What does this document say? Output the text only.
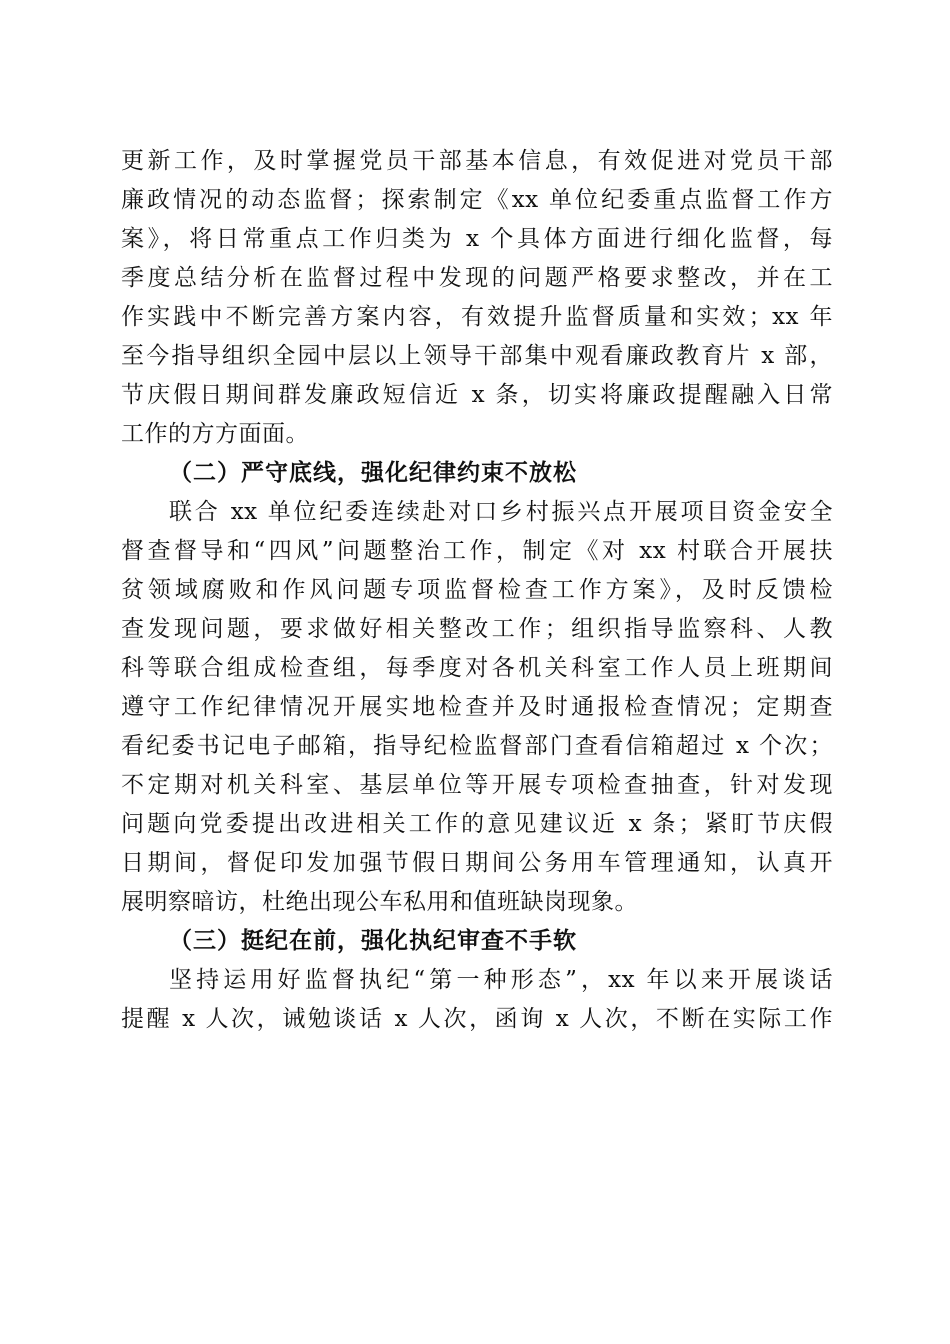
更新工作，及时掌握党员干部基本信息，有效促进对党员干部
廉政情况的动态监督；探索制定《xx 单位纪委重点监督工作方
案》，将日常重点工作归类为 x 个具体方面进行细化监督，每
季度总结分析在监督过程中发现的问题严格要求整改，并在工
作实践中不断完善方案内容，有效提升监督质量和实效；xx 年
至今指导组织全园中层以上领导干部集中观看廉政教育片 x 部，
节庆假日期间群发廉政短信近 x 条，切实将廉政提醒融入日常
工作的方方面面。
（二）严守底线，强化纪律约束不放松
联合 xx 单位纪委连续赴对口乡村振兴点开展项目资金安全
督查督导和“四风”问题整治工作，制定《对 xx 村联合开展扶
贫领域腐败和作风问题专项监督检查工作方案》，及时反馈检
查发现问题，要求做好相关整改工作；组织指导监察科、人教
科等联合组成检查组，每季度对各机关科室工作人员上班期间
遵守工作纪律情况开展实地检查并及时通报检查情况；定期查
看纪委书记电子邮箱，指导纪检监督部门查看信箱超过 x 个次；
不定期对机关科室、基层单位等开展专项检查抽查，针对发现
问题向党委提出改进相关工作的意见建议近 x 条；紧盯节庆假
日期间，督促印发加强节假日期间公务用车管理通知，认真开
展明察暗访，杜绝出现公车私用和值班缺岗现象。
（三）挺纪在前，强化执纪审查不手软
坚持运用好监督执纪“第一种形态”，xx 年以来开展谈话
提醒 x 人次，诫勉谈话 x 人次，函询 x 人次，不断在实际工作
